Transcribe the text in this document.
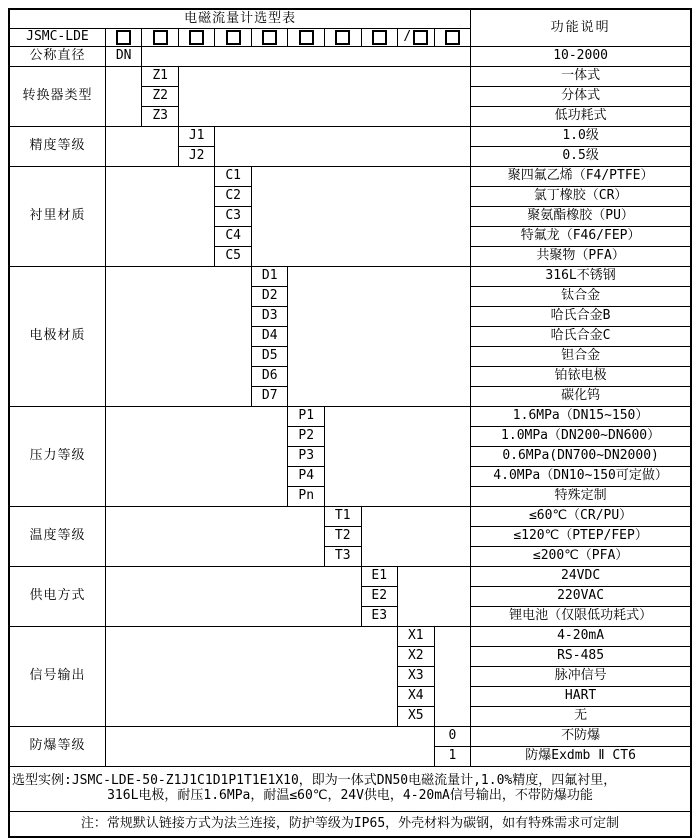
电磁流量计选型表											功能说明
JSMC-LDE									/		
公称直径	DN										10-2000
转换器类型		Z1									一体式
		Z2									分体式
		Z3									低功耗式
精度等级			J1								1.0级
			J2								0.5级
衬里材质				C1							聚四氟乙烯（F4/PTFE）
				C2							氯丁橡胶（CR）
				C3							聚氨酯橡胶（PU）
				C4							特氟龙（F46/FEP）
				C5							共聚物（PFA）
电极材质					D1						316L不锈钢
					D2						钛合金
					D3						哈氏合金B
					D4						哈氏合金C
					D5						钽合金
					D6						铂铱电极
					D7						碳化钨
压力等级						P1					1.6MPa（DN15~150）
						P2					1.0MPa（DN200~DN600）
						P3					0.6MPa(DN700~DN2000)
						P4					4.0MPa（DN10~150可定做）
						Pn					特殊定制
温度等级							T1				≤60℃（CR/PU）
							T2				≤120℃（PTEP/FEP）
							T3				≤200℃（PFA）
供电方式								E1			24VDC
								E2			220VAC
								E3			锂电池（仅限低功耗式）
信号输出									X1		4-20mA
									X2		RS-485
									X3		脉冲信号
									X4		HART
									X5		无
防爆等级										0	不防爆
										1	防爆Exdmb Ⅱ CT6

选型实例:JSMC-LDE-50-Z1J1C1D1P1T1E1X10，即为一体式DN50电磁流量计,1.0%精度，四氟衬里，
316L电极，耐压1.6MPa，耐温≤60℃，24V供电，4-20mA信号输出，不带防爆功能											

注：常规默认链接方式为法兰连接，防护等级为IP65，外壳材料为碳钢，如有特殊需求可定制											
